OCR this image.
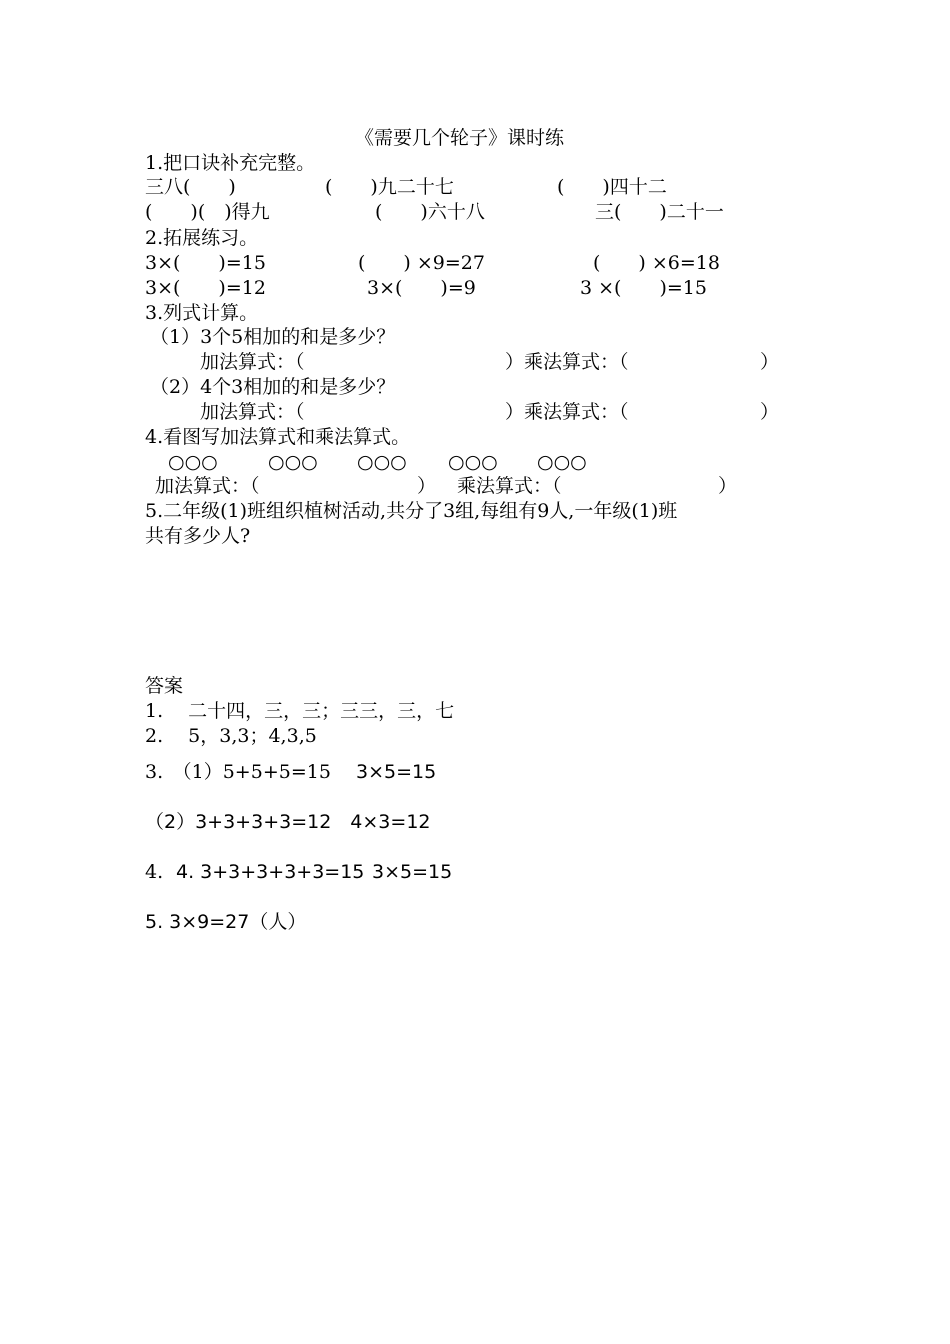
《需要几个轮子》课时练
1.把口诀补充完整。
三八(　　)	(　　)九二十七	(　　)四十二
(　　)(　)得九	(　　)六十八	三(　　)二十一
2.拓展练习。
3×(　　)=15	(　　) ×9=27	(　　) ×6=18
3×(　　)=12	3×(　　)=9	3 ×(　　)=15
3.列式计算。
（1）3个5相加的和是多少？
加法算式：（	）乘法算式：（	）
（2）4个3相加的和是多少？
加法算式：（	）乘法算式：（	）
4.看图写加法算式和乘法算式。
○○○	○○○ ○○○ ○○○ ○○○
加法算式：（	） 乘法算式：（	）
5.二年级(1)班组织植树活动,共分了3组,每组有9人,一年级(1)班
共有多少人?
答案
1.　 二十四，三，三；三三，三，七
2.　 5，3,3；4,3,5
3.　（1）5+5+5=15 3×5=15
（2）3+3+3+3=12　4×3=12
4. 4. 3+3+3+3+3=15 3×5=15
5. 3×9=27（人）
